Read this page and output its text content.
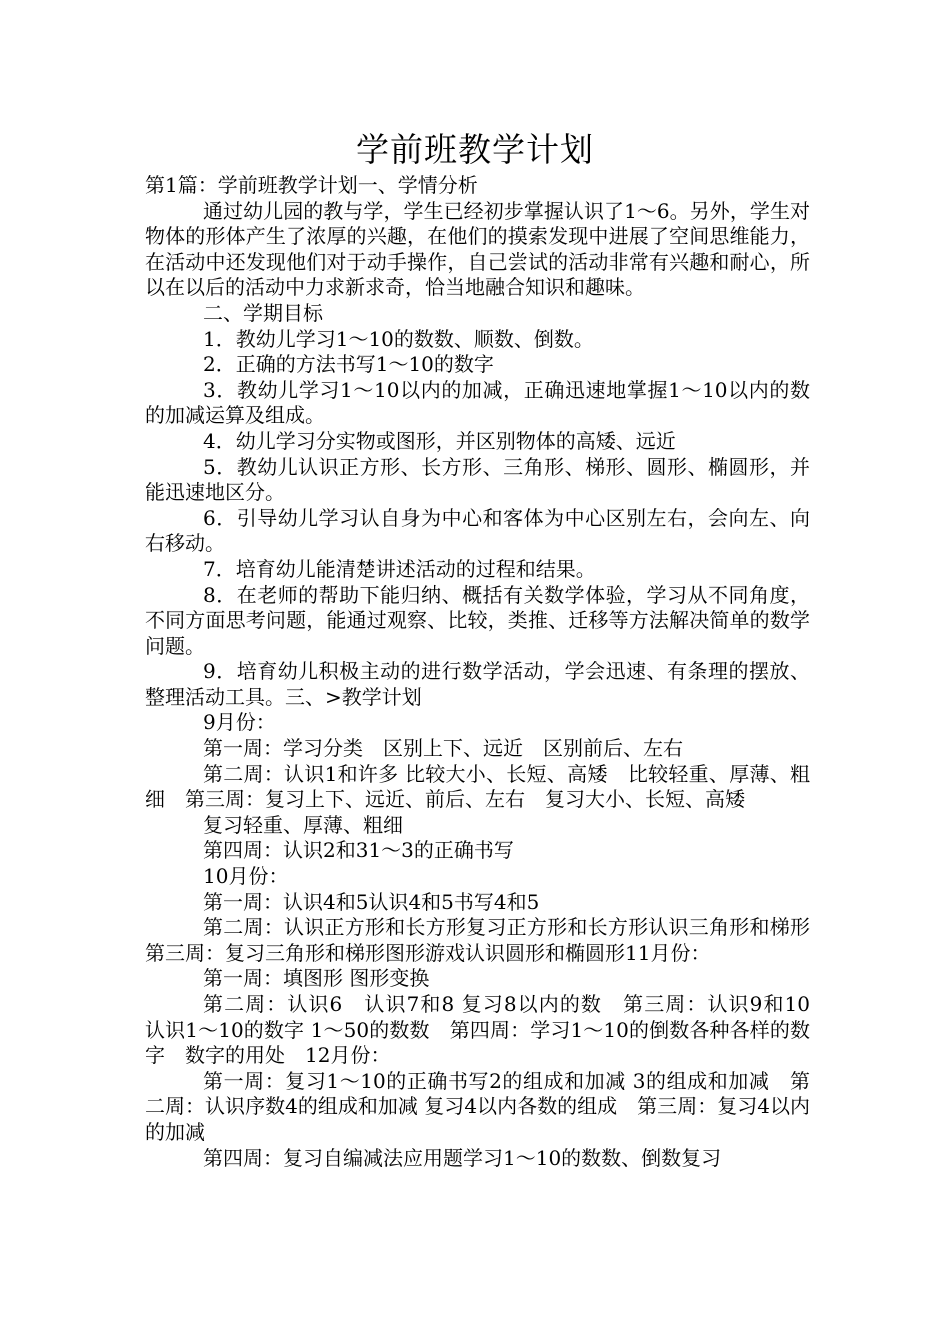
学前班教学计划

第1篇：学前班教学计划一、学情分析

通过幼儿园的教与学，学生已经初步掌握认识了1～6。另外，学生对物体的形体产生了浓厚的兴趣，在他们的摸索发现中进展了空间思维能力，在活动中还发现他们对于动手操作，自己尝试的活动非常有兴趣和耐心，所以在以后的活动中力求新求奇，恰当地融合知识和趣味。

二、学期目标

1．教幼儿学习1～10的数数、顺数、倒数。

2．正确的方法书写1～10的数字

3．教幼儿学习1～10以内的加减，正确迅速地掌握1～10以内的数的加减运算及组成。

4．幼儿学习分实物或图形，并区别物体的高矮、远近

5．教幼儿认识正方形、长方形、三角形、梯形、圆形、椭圆形，并能迅速地区分。

6．引导幼儿学习认自身为中心和客体为中心区别左右，会向左、向右移动。

7．培育幼儿能清楚讲述活动的过程和结果。

8．在老师的帮助下能归纳、概括有关数学体验，学习从不同角度，不同方面思考问题，能通过观察、比较，类推、迁移等方法解决简单的数学问题。

9．培育幼儿积极主动的进行数学活动，学会迅速、有条理的摆放、整理活动工具。三、>教学计划

9月份：

第一周：学习分类　区别上下、远近　区别前后、左右

第二周：认识1和许多 比较大小、长短、高矮　比较轻重、厚薄、粗细　第三周：复习上下、远近、前后、左右　复习大小、长短、高矮

复习轻重、厚薄、粗细

第四周：认识2和31～3的正确书写

10月份：

第一周：认识4和5认识4和5书写4和5

第二周：认识正方形和长方形复习正方形和长方形认识三角形和梯形　第三周：复习三角形和梯形图形游戏认识圆形和椭圆形11月份：

第一周：填图形 图形变换

第二周：认识6　认识7和8 复习8以内的数　第三周：认识9和10　认识1～10的数字 1～50的数数　第四周：学习1～10的倒数各种各样的数字　数字的用处　12月份：

第一周：复习1～10的正确书写2的组成和加减 3的组成和加减　第二周：认识序数4的组成和加减 复习4以内各数的组成　第三周：复习4以内的加减

第四周：复习自编减法应用题学习1～10的数数、倒数复习
